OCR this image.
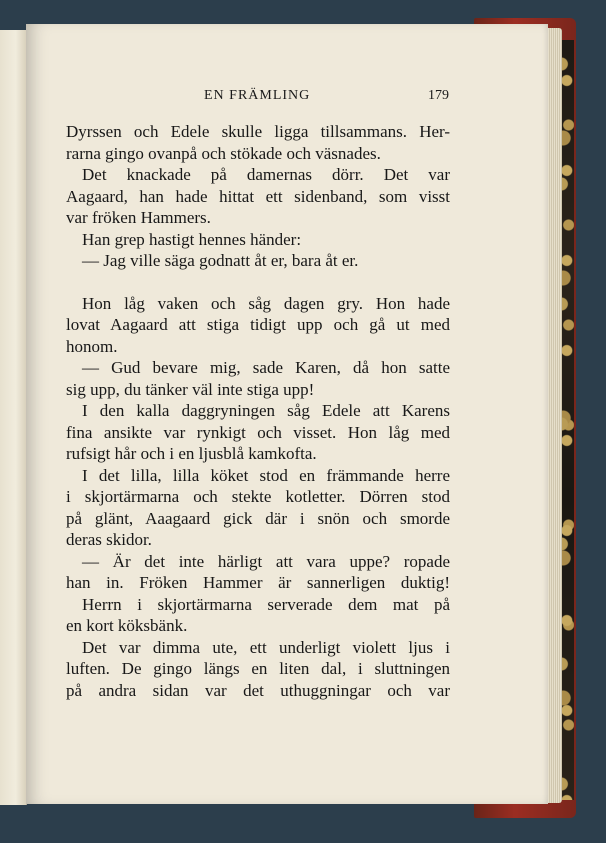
EN FRÄMLING	179
Dyrssen och Edele skulle ligga tillsammans. Her-
rarna gingo ovanpå och stökade och väsnades.
Det knackade på damernas dörr. Det var
Aagaard, han hade hittat ett sidenband, som visst
var fröken Hammers.
Han grep hastigt hennes händer:
— Jag ville säga godnatt åt er, bara åt er.
Hon låg vaken och såg dagen gry. Hon hade
lovat Aagaard att stiga tidigt upp och gå ut med
honom.
— Gud bevare mig, sade Karen, då hon satte
sig upp, du tänker väl inte stiga upp!
I den kalla daggryningen såg Edele att Karens
fina ansikte var rynkigt och visset. Hon låg med
rufsigt hår och i en ljusblå kamkofta.
I det lilla, lilla köket stod en främmande herre
i skjortärmarna och stekte kotletter. Dörren stod
på glänt, Aaagaard gick där i snön och smorde
deras skidor.
— Är det inte härligt att vara uppe? ropade
han in. Fröken Hammer är sannerligen duktig!
Herrn i skjortärmarna serverade dem mat på
en kort köksbänk.
Det var dimma ute, ett underligt violett ljus i
luften. De gingo längs en liten dal, i sluttningen
på andra sidan var det uthuggningar och var
